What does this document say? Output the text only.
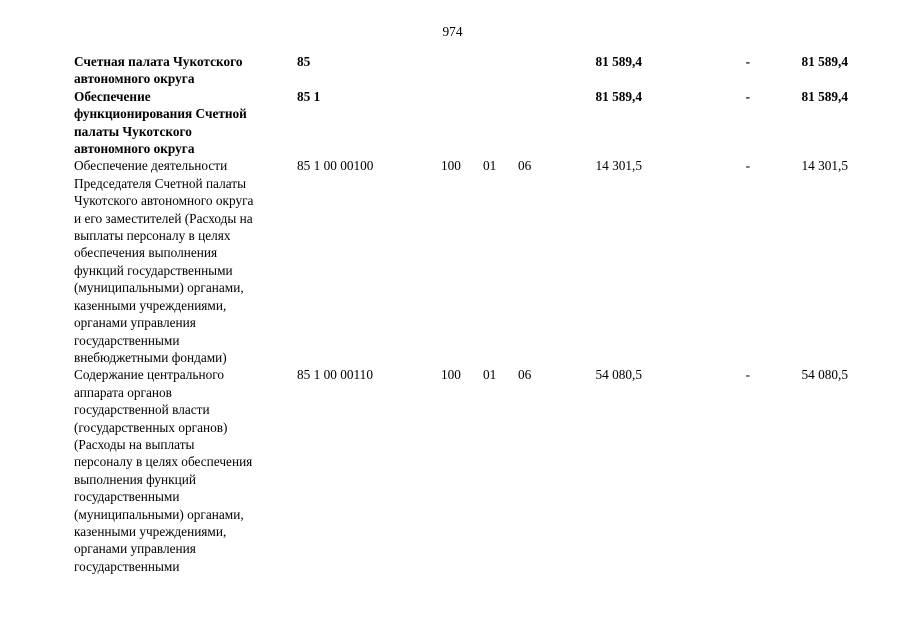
974
Счетная палата Чукотского
автономного округа
85	81 589,4	-	81 589,4
Обеспечение
функционирования Счетной
палаты Чукотского
автономного округа
85 1	81 589,4	-	81 589,4
Обеспечение деятельности
Председателя Счетной палаты
Чукотского автономного округа
и его заместителей (Расходы на
выплаты персоналу в целях
обеспечения выполнения
функций государственными
(муниципальными) органами,
казенными учреждениями,
органами управления
государственными
внебюджетными фондами)
85 1 00 00100	100 01 06	14 301,5	-	14 301,5
Содержание центрального
аппарата органов
государственной власти
(государственных органов)
(Расходы на выплаты
персоналу в целях обеспечения
выполнения функций
государственными
(муниципальными) органами,
казенными учреждениями,
органами управления
государственными
85 1 00 00110	100 01 06	54 080,5	-	54 080,5
